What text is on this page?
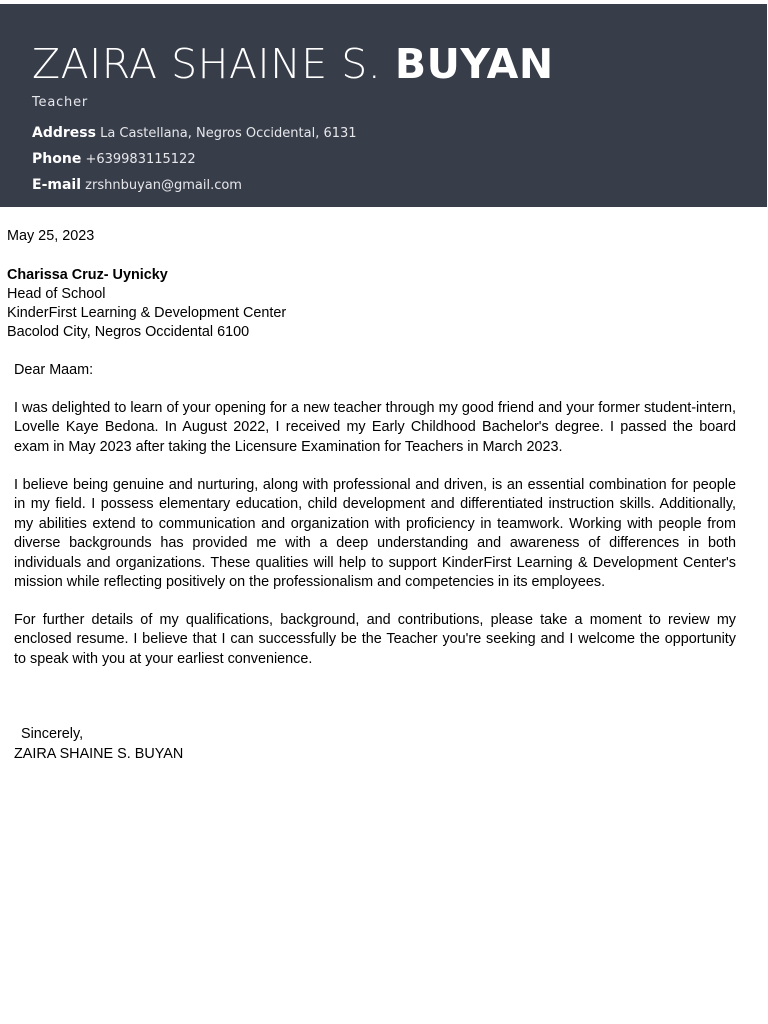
ZAIRA SHAINE S. BUYAN
Teacher
Address La Castellana, Negros Occidental, 6131
Phone +639983115122
E-mail zrshnbuyan@gmail.com
May 25, 2023
Charissa Cruz- Uynicky
Head of School
KinderFirst Learning & Development Center
Bacolod City, Negros Occidental 6100
Dear Maam:
I was delighted to learn of your opening for a new teacher through my good friend and your former student-intern, Lovelle Kaye Bedona. In August 2022, I received my Early Childhood Bachelor's degree. I passed the board exam in May 2023 after taking the Licensure Examination for Teachers in March 2023.
I believe being genuine and nurturing, along with professional and driven, is an essential combination for people in my field. I possess elementary education, child development and differentiated instruction skills. Additionally, my abilities extend to communication and organization with proficiency in teamwork. Working with people from diverse backgrounds has provided me with a deep understanding and awareness of differences in both individuals and organizations. These qualities will help to support KinderFirst Learning & Development Center's mission while reflecting positively on the professionalism and competencies in its employees.
For further details of my qualifications, background, and contributions, please take a moment to review my enclosed resume. I believe that I can successfully be the Teacher you're seeking and I welcome the opportunity to speak with you at your earliest convenience.
Sincerely,
ZAIRA SHAINE S. BUYAN
